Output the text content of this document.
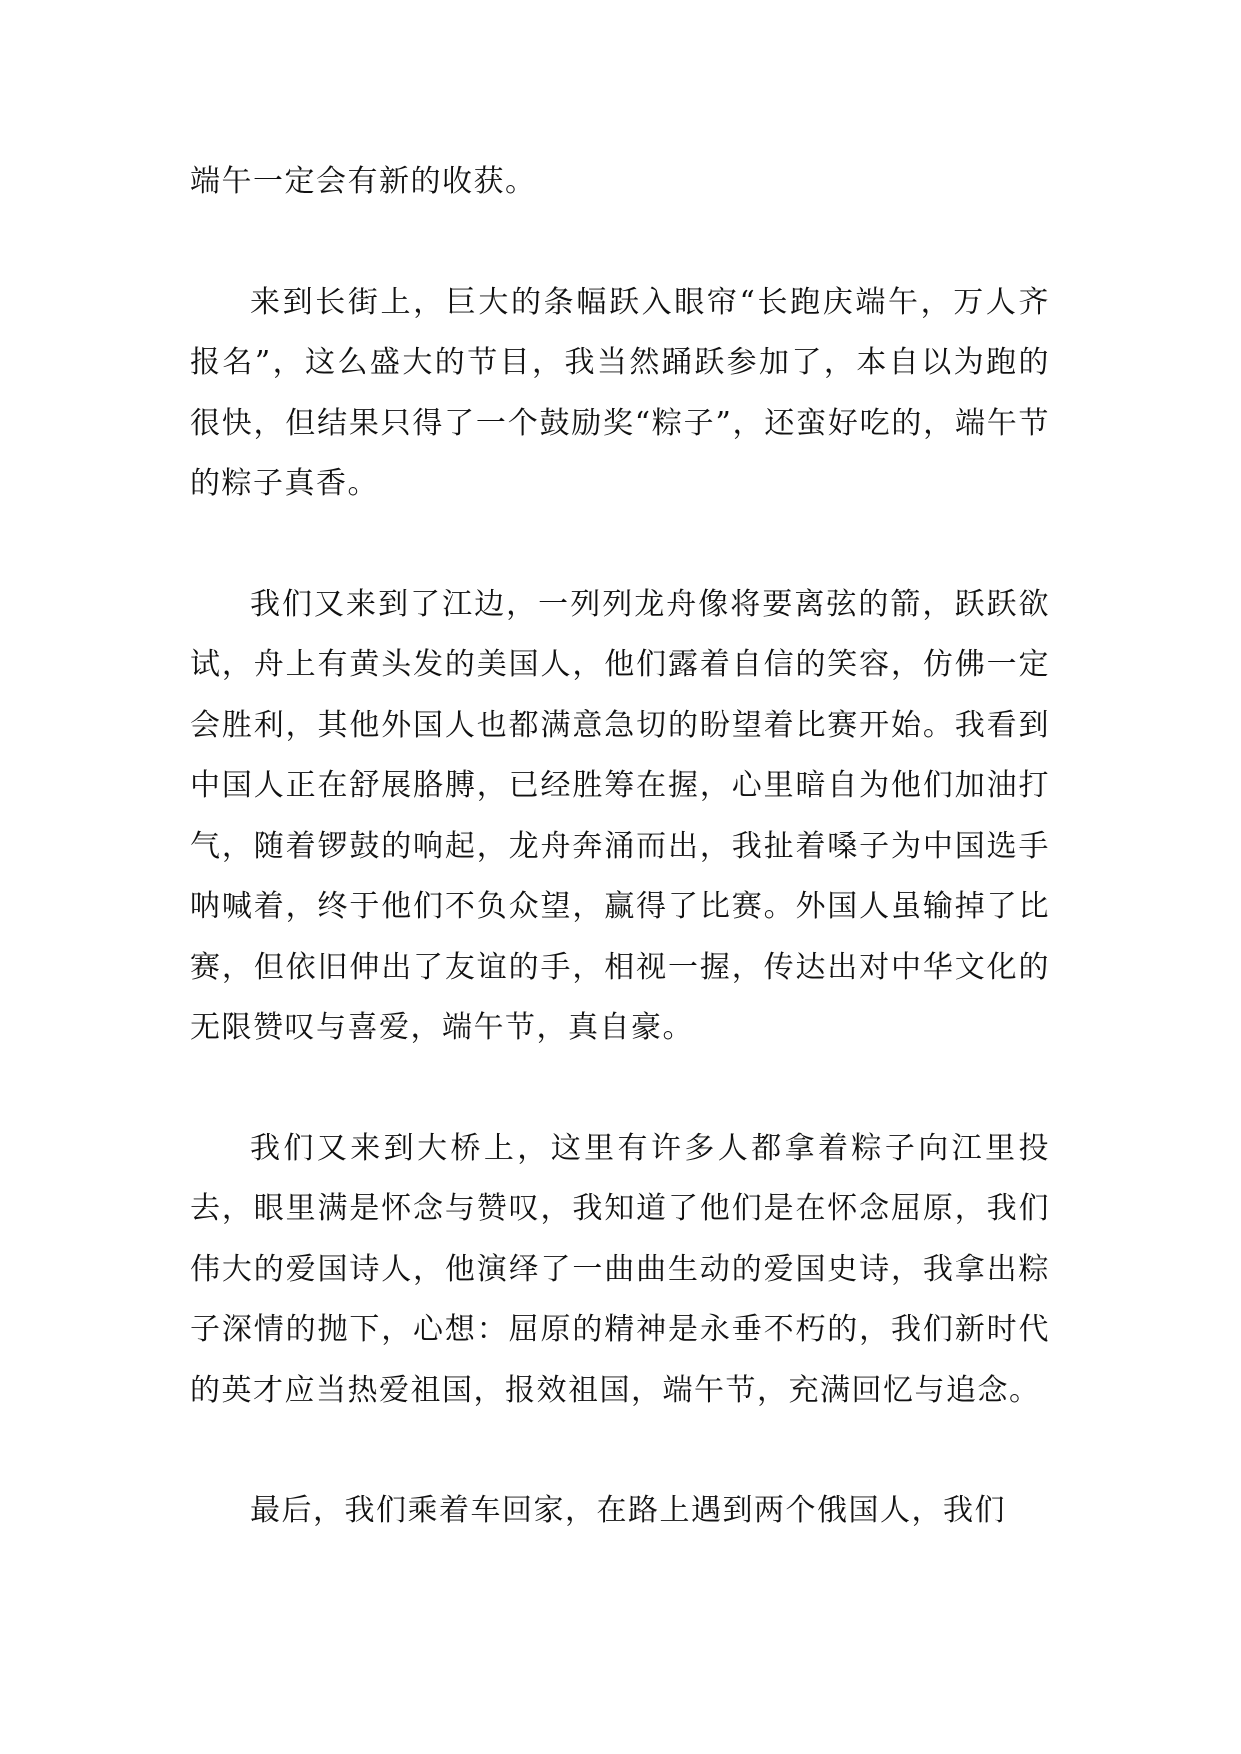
端午一定会有新的收获。

来到长街上，巨大的条幅跃入眼帘“长跑庆端午，万人齐报名”，这么盛大的节目，我当然踊跃参加了，本自以为跑的很快，但结果只得了一个鼓励奖“粽子”，还蛮好吃的，端午节的粽子真香。

我们又来到了江边，一列列龙舟像将要离弦的箭，跃跃欲试，舟上有黄头发的美国人，他们露着自信的笑容，仿佛一定会胜利，其他外国人也都满意急切的盼望着比赛开始。我看到中国人正在舒展胳膊，已经胜筹在握，心里暗自为他们加油打气，随着锣鼓的响起，龙舟奔涌而出，我扯着嗓子为中国选手呐喊着，终于他们不负众望，赢得了比赛。外国人虽输掉了比赛，但依旧伸出了友谊的手，相视一握，传达出对中华文化的无限赞叹与喜爱，端午节，真自豪。

我们又来到大桥上，这里有许多人都拿着粽子向江里投去，眼里满是怀念与赞叹，我知道了他们是在怀念屈原，我们伟大的爱国诗人，他演绎了一曲曲生动的爱国史诗，我拿出粽子深情的抛下，心想：屈原的精神是永垂不朽的，我们新时代的英才应当热爱祖国，报效祖国，端午节，充满回忆与追念。

最后，我们乘着车回家，在路上遇到两个俄国人，我们
